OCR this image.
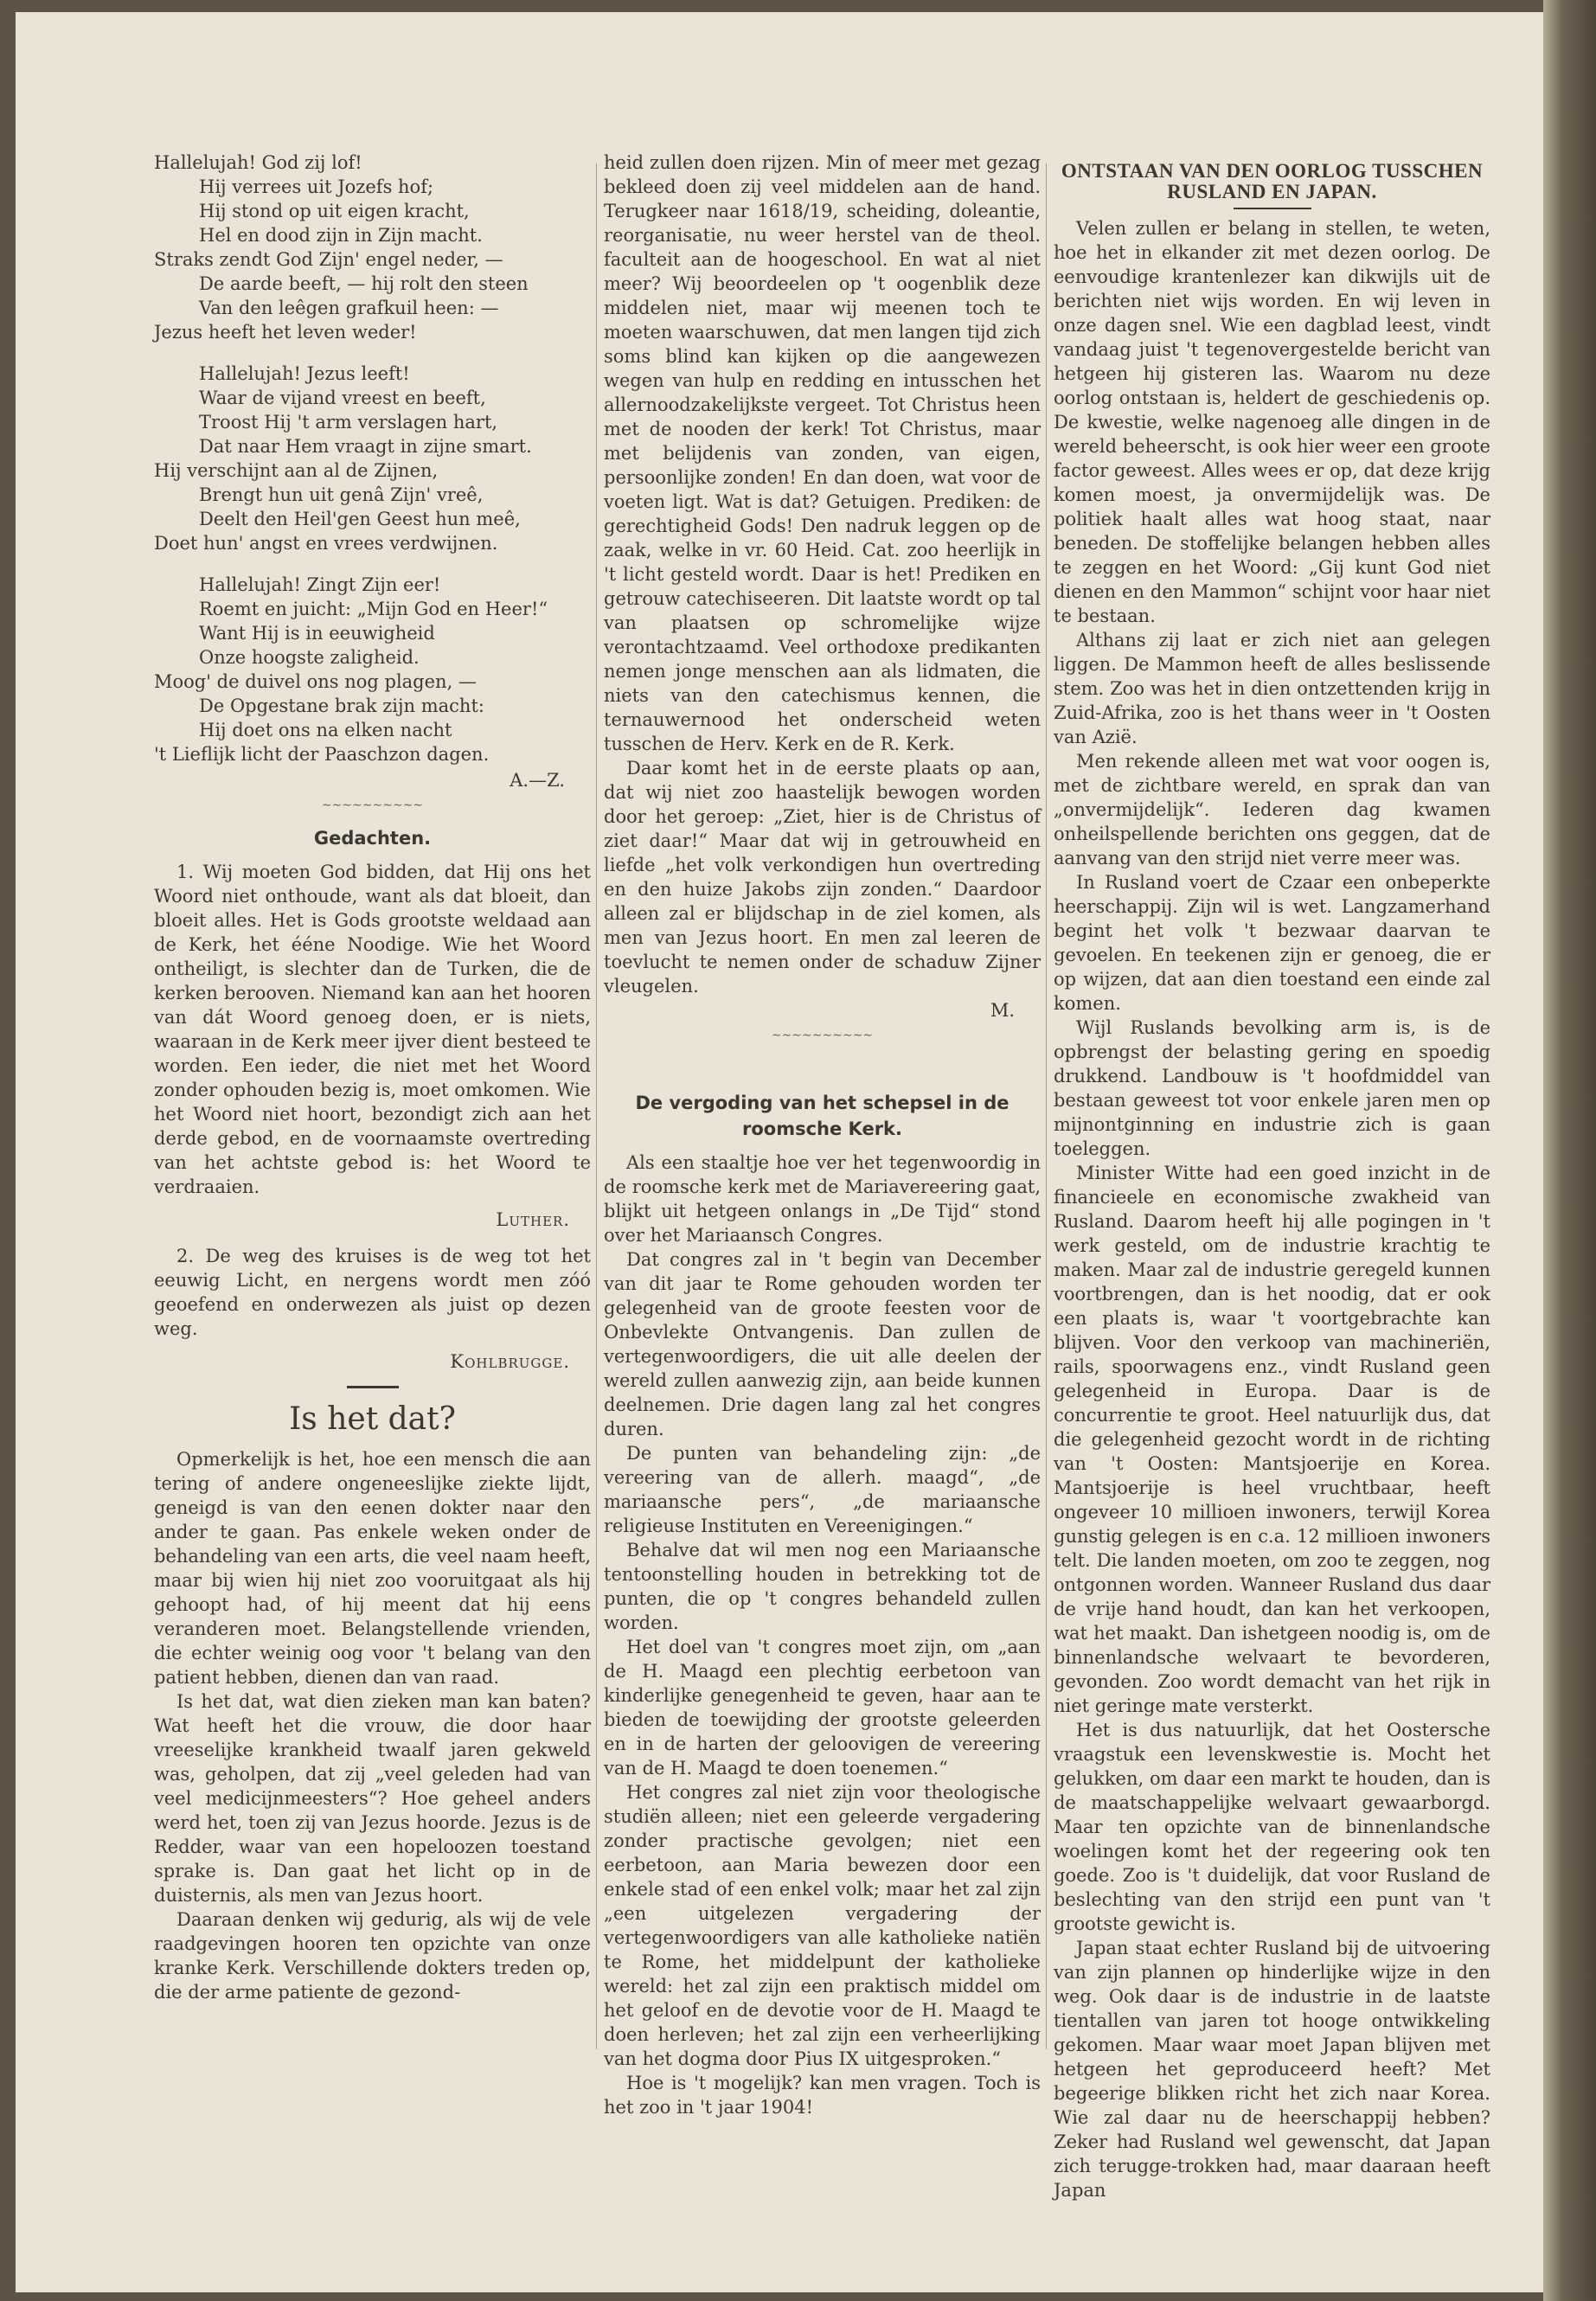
Hallelujah! God zij lof!

Hij verrees uit Jozefs hof;

Hij stond op uit eigen kracht,

Hel en dood zijn in Zijn macht.

Straks zendt God Zijn' engel neder, —

De aarde beeft, — hij rolt den steen

Van den leêgen grafkuil heen: —

Jezus heeft het leven weder!

Hallelujah! Jezus leeft!

Waar de vijand vreest en beeft,

Troost Hij 't arm verslagen hart,

Dat naar Hem vraagt in zijne smart.

Hij verschijnt aan al de Zijnen,

Brengt hun uit genâ Zijn' vreê,

Deelt den Heil'gen Geest hun meê,

Doet hun' angst en vrees verdwijnen.

Hallelujah! Zingt Zijn eer!

Roemt en juicht: „Mijn God en Heer!“

Want Hij is in eeuwigheid

Onze hoogste zaligheid.

Moog' de duivel ons nog plagen, —

De Opgestane brak zijn macht:

Hij doet ons na elken nacht

't Lieflijk licht der Paaschzon dagen.

A.—Z.

∼∼∼∼∼∼∼∼∼∼
Gedachten.

1. Wij moeten God bidden, dat Hij ons het Woord niet onthoude, want als dat bloeit, dan bloeit alles. Het is Gods grootste weldaad aan de Kerk, het ééne Noodige. Wie het Woord ontheiligt, is slechter dan de Turken, die de kerken berooven. Niemand kan aan het hooren van dát Woord genoeg doen, er is niets, waaraan in de Kerk meer ijver dient besteed te worden. Een ieder, die niet met het Woord zonder ophouden bezig is, moet omkomen. Wie het Woord niet hoort, bezondigt zich aan het derde gebod, en de voornaamste overtreding van het achtste gebod is: het Woord te verdraaien.

Luther.

2. De weg des kruises is de weg tot het eeuwig Licht, en nergens wordt men zóó geoefend en onderwezen als juist op dezen weg.

Kohlbrugge.

Is het dat?

Opmerkelijk is het, hoe een mensch die aan tering of andere ongeneeslijke ziekte lijdt, geneigd is van den eenen dokter naar den ander te gaan. Pas enkele weken onder de behandeling van een arts, die veel naam heeft, maar bij wien hij niet zoo vooruitgaat als hij gehoopt had, of hij meent dat hij eens veranderen moet. Belangstellende vrienden, die echter weinig oog voor 't belang van den patient hebben, dienen dan van raad.

Is het dat, wat dien zieken man kan baten? Wat heeft het die vrouw, die door haar vreeselijke krankheid twaalf jaren gekweld was, geholpen, dat zij „veel geleden had van veel medicijnmeesters“? Hoe geheel anders werd het, toen zij van Jezus hoorde. Jezus is de Redder, waar van een hopeloozen toestand sprake is. Dan gaat het licht op in de duisternis, als men van Jezus hoort.

Daaraan denken wij gedurig, als wij de vele raadgevingen hooren ten opzichte van onze kranke Kerk. Verschillende dokters treden op, die der arme patiente de gezond-

heid zullen doen rijzen. Min of meer met gezag bekleed doen zij veel middelen aan de hand. Terugkeer naar 1618/19, scheiding, doleantie, reorganisatie, nu weer herstel van de theol. faculteit aan de hoogeschool. En wat al niet meer? Wij beoordeelen op 't oogenblik deze middelen niet, maar wij meenen toch te moeten waarschuwen, dat men langen tijd zich soms blind kan kijken op die aangewezen wegen van hulp en redding en intusschen het allernoodzakelijkste vergeet. Tot Christus heen met de nooden der kerk! Tot Christus, maar met belijdenis van zonden, van eigen, persoonlijke zonden! En dan doen, wat voor de voeten ligt. Wat is dat? Getuigen. Prediken: de gerechtigheid Gods! Den nadruk leggen op de zaak, welke in vr. 60 Heid. Cat. zoo heerlijk in 't licht gesteld wordt. Daar is het! Prediken en getrouw catechiseeren. Dit laatste wordt op tal van plaatsen op schromelijke wijze verontachtzaamd. Veel orthodoxe predikanten nemen jonge menschen aan als lidmaten, die niets van den catechismus kennen, die ternauwernood het onderscheid weten tusschen de Herv. Kerk en de R. Kerk.

Daar komt het in de eerste plaats op aan, dat wij niet zoo haastelijk bewogen worden door het geroep: „Ziet, hier is de Christus of ziet daar!“ Maar dat wij in getrouwheid en liefde „het volk verkondigen hun overtreding en den huize Jakobs zijn zonden.“ Daardoor alleen zal er blijdschap in de ziel komen, als men van Jezus hoort. En men zal leeren de toevlucht te nemen onder de schaduw Zijner vleugelen.

M.

∼∼∼∼∼∼∼∼∼∼
De vergoding van het schepsel in de roomsche Kerk.

Als een staaltje hoe ver het tegenwoordig in de roomsche kerk met de Mariavereering gaat, blijkt uit hetgeen onlangs in „De Tijd“ stond over het Mariaansch Congres.

Dat congres zal in 't begin van December van dit jaar te Rome gehouden worden ter gelegenheid van de groote feesten voor de Onbevlekte Ontvangenis. Dan zullen de vertegenwoordigers, die uit alle deelen der wereld zullen aanwezig zijn, aan beide kunnen deelnemen. Drie dagen lang zal het congres duren.

De punten van behandeling zijn: „de vereering van de allerh. maagd“, „de mariaansche pers“, „de mariaansche religieuse Instituten en Vereenigingen.“

Behalve dat wil men nog een Mariaansche tentoonstelling houden in betrekking tot de punten, die op 't congres behandeld zullen worden.

Het doel van 't congres moet zijn, om „aan de H. Maagd een plechtig eerbetoon van kinderlijke genegenheid te geven, haar aan te bieden de toewijding der grootste geleerden en in de harten der geloovigen de vereering van de H. Maagd te doen toenemen.“

Het congres zal niet zijn voor theologische studiën alleen; niet een geleerde vergadering zonder practische gevolgen; niet een eerbetoon, aan Maria bewezen door een enkele stad of een enkel volk; maar het zal zijn „een uitgelezen vergadering der vertegenwoordigers van alle katholieke natiën te Rome, het middelpunt der katholieke wereld: het zal zijn een praktisch middel om het geloof en de devotie voor de H. Maagd te doen herleven; het zal zijn een verheerlijking van het dogma door Pius IX uitgesproken.“

Hoe is 't mogelijk? kan men vragen. Toch is het zoo in 't jaar 1904!

ONTSTAAN VAN DEN OORLOG TUSSCHEN RUSLAND EN JAPAN.

Velen zullen er belang in stellen, te weten, hoe het in elkander zit met dezen oorlog. De eenvoudige krantenlezer kan dikwijls uit de berichten niet wijs worden. En wij leven in onze dagen snel. Wie een dagblad leest, vindt vandaag juist 't tegenovergestelde bericht van hetgeen hij gisteren las. Waarom nu deze oorlog ontstaan is, heldert de geschiedenis op. De kwestie, welke nagenoeg alle dingen in de wereld beheerscht, is ook hier weer een groote factor geweest. Alles wees er op, dat deze krijg komen moest, ja onvermijdelijk was. De politiek haalt alles wat hoog staat, naar beneden. De stoffelijke belangen hebben alles te zeggen en het Woord: „Gij kunt God niet dienen en den Mammon“ schijnt voor haar niet te bestaan.

Althans zij laat er zich niet aan gelegen liggen. De Mammon heeft de alles beslissende stem. Zoo was het in dien ontzettenden krijg in Zuid-Afrika, zoo is het thans weer in 't Oosten van Azië.

Men rekende alleen met wat voor oogen is, met de zichtbare wereld, en sprak dan van „onvermijdelijk“. Iederen dag kwamen onheilspellende berichten ons geggen, dat de aanvang van den strijd niet verre meer was.

In Rusland voert de Czaar een onbeperkte heerschappij. Zijn wil is wet. Langzamerhand begint het volk 't bezwaar daarvan te gevoelen. En teekenen zijn er genoeg, die er op wijzen, dat aan dien toestand een einde zal komen.

Wijl Ruslands bevolking arm is, is de opbrengst der belasting gering en spoedig drukkend. Landbouw is 't hoofdmiddel van bestaan geweest tot voor enkele jaren men op mijnontginning en industrie zich is gaan toeleggen.

Minister Witte had een goed inzicht in de financieele en economische zwakheid van Rusland. Daarom heeft hij alle pogingen in 't werk gesteld, om de industrie krachtig te maken. Maar zal de industrie geregeld kunnen voortbrengen, dan is het noodig, dat er ook een plaats is, waar 't voortgebrachte kan blijven. Voor den verkoop van machineriën, rails, spoorwagens enz., vindt Rusland geen gelegenheid in Europa. Daar is de concurrentie te groot. Heel natuurlijk dus, dat die gelegenheid gezocht wordt in de richting van 't Oosten: Mantsjoerije en Korea. Mantsjoerije is heel vruchtbaar, heeft ongeveer 10 millioen inwoners, terwijl Korea gunstig gelegen is en c.a. 12 millioen inwoners telt. Die landen moeten, om zoo te zeggen, nog ontgonnen worden. Wanneer Rusland dus daar de vrije hand houdt, dan kan het verkoopen, wat het maakt. Dan ishetgeen noodig is, om de binnenlandsche welvaart te bevorderen, gevonden. Zoo wordt demacht van het rijk in niet geringe mate versterkt.

Het is dus natuurlijk, dat het Oostersche vraagstuk een levenskwestie is. Mocht het gelukken, om daar een markt te houden, dan is de maatschappelijke welvaart gewaarborgd. Maar ten opzichte van de binnenlandsche woelingen komt het der regeering ook ten goede. Zoo is 't duidelijk, dat voor Rusland de beslechting van den strijd een punt van 't grootste gewicht is.

Japan staat echter Rusland bij de uitvoering van zijn plannen op hinderlijke wijze in den weg. Ook daar is de industrie in de laatste tientallen van jaren tot hooge ontwikkeling gekomen. Maar waar moet Japan blijven met hetgeen het geproduceerd heeft? Met begeerige blikken richt het zich naar Korea. Wie zal daar nu de heerschappij hebben? Zeker had Rusland wel gewenscht, dat Japan zich terugge-trokken had, maar daaraan heeft Japan
